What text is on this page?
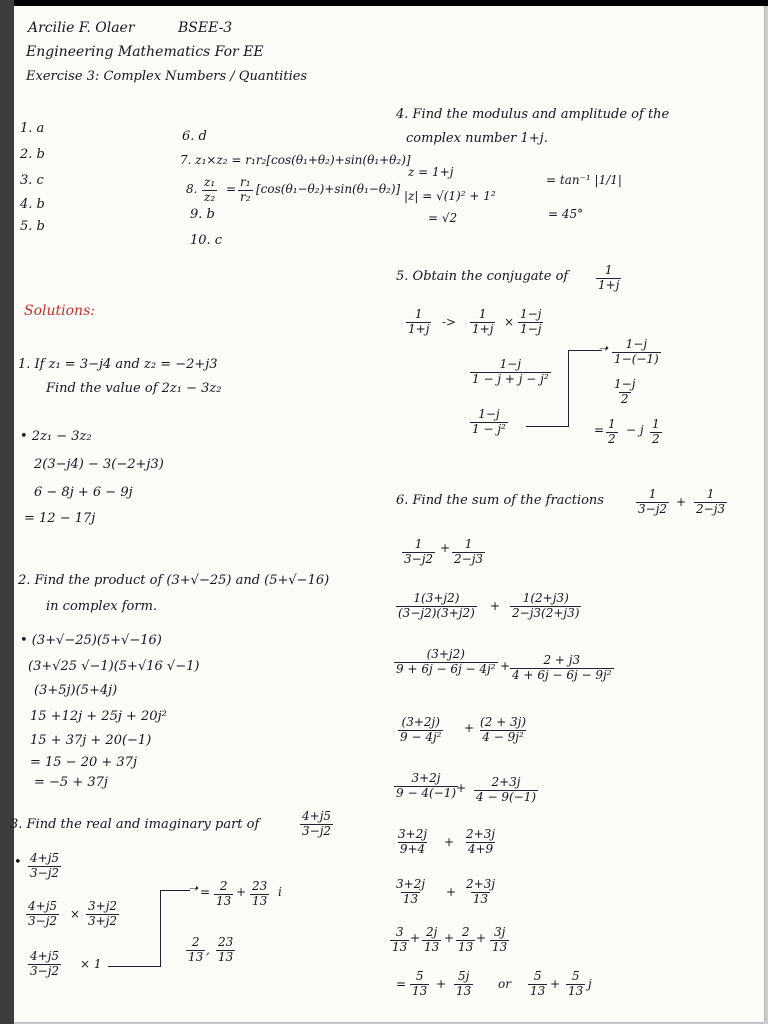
Arcilie F. Olaer	BSEE-3
Engineering Mathematics For EE
Exercise 3: Complex Numbers / Quantities
1. a
2. b
3. c
4. b
5. b
6. d
7. z₁×z₂ = r₁r₂[cos(θ₁+θ₂)+sin(θ₁+θ₂)]
8. $\frac{\text{z₁}}{\text{z₂}} = \frac{\text{r₁}}{\text{r₂}} [\cos(\theta_1-\theta_2)+\sin(\theta_1-\theta_2)]$
9. b
10. c
Solutions:
1. If z₁ = 3−j4 and z₂ = −2+j3
Find the value of 2z₁ − 3z₂
• 2z₁ − 3z₂
2(3−j4) − 3(−2+j3)
6 − 8j + 6 − 9j
= 12 − 17j
2. Find the product of (3+√−25) and (5+√−16)
in complex form.
• (3+√−25)(5+√−16)
(3+√25 √−1)(5+√16 √−1)
(3+5j)(5+4j)
15 +12j + 25j + 20j²
15 + 37j + 20(−1)
= 15 − 20 + 37j
= −5 + 37j
3. Find the real and imaginary part of	$\frac{4+j5}{3-j2}$
• $\frac{4+j5}{3-j2}$
$\frac{4+j5}{3-j2} \times \frac{3+j2}{3+j2}$
$\frac{4+j5}{3-j2} \times 1$
➝ = $\frac{2}{13} + \frac{23}{13}$ i
$\frac{2}{13}$ , $\frac{23}{13}$
4. Find the modulus and amplitude of the
complex number 1+j.
z = 1+j
|z| = √(1)² + 1²
= √2
= tan⁻¹ |1/1|
= 45°
5. Obtain the conjugate of $\frac{1}{1+j}$
$\frac{1}{1+j} -> \frac{1}{1+j} \times \frac{1-j}{1-j}$
$\frac{1-j}{\text{1 − j + j − j²}}$
$\frac{1-j}{\text{1 − j²}}$
➝ $\frac{1-j}{1-(-1)}$
$\frac{1-j}{2}$
= $\frac{1}{2} - j \frac{1}{2}$
6. Find the sum of the fractions	$\frac{1}{3-j2} + \frac{1}{2-j3}$
$\frac{1}{3-j2} + \frac{1}{2-j3}$
$\frac{1(3+j2)}{(3-j2)(3+j2)} + \frac{1(2+j3)}{2-j3(2+j3)}$
$\frac{(3+j2)}{\text{9 + 6j − 6j − 4j²}} + \frac{2 + j3}{\text{4 + 6j − 6j − 9j²}}$
$\frac{(3+2j)}{\text{9 − 4j²}} + \frac{(2 + 3j)}{\text{4 − 9j²}}$
$\frac{3+2j}{9 - 4(-1)}$
+ $\frac{2+3j}{4 - 9(-1)}$
$\frac{3+2j}{9+4} + \frac{2+3j}{4+9}$
$\frac{3+2j}{13} + \frac{2+3j}{13}$
$\frac{3}{13} + \frac{2j}{13} + \frac{2}{13} + \frac{3j}{13}$
= $\frac{5}{13} + \frac{5j}{13}$ or $\frac{5}{13} + \frac{5}{13}$ j
